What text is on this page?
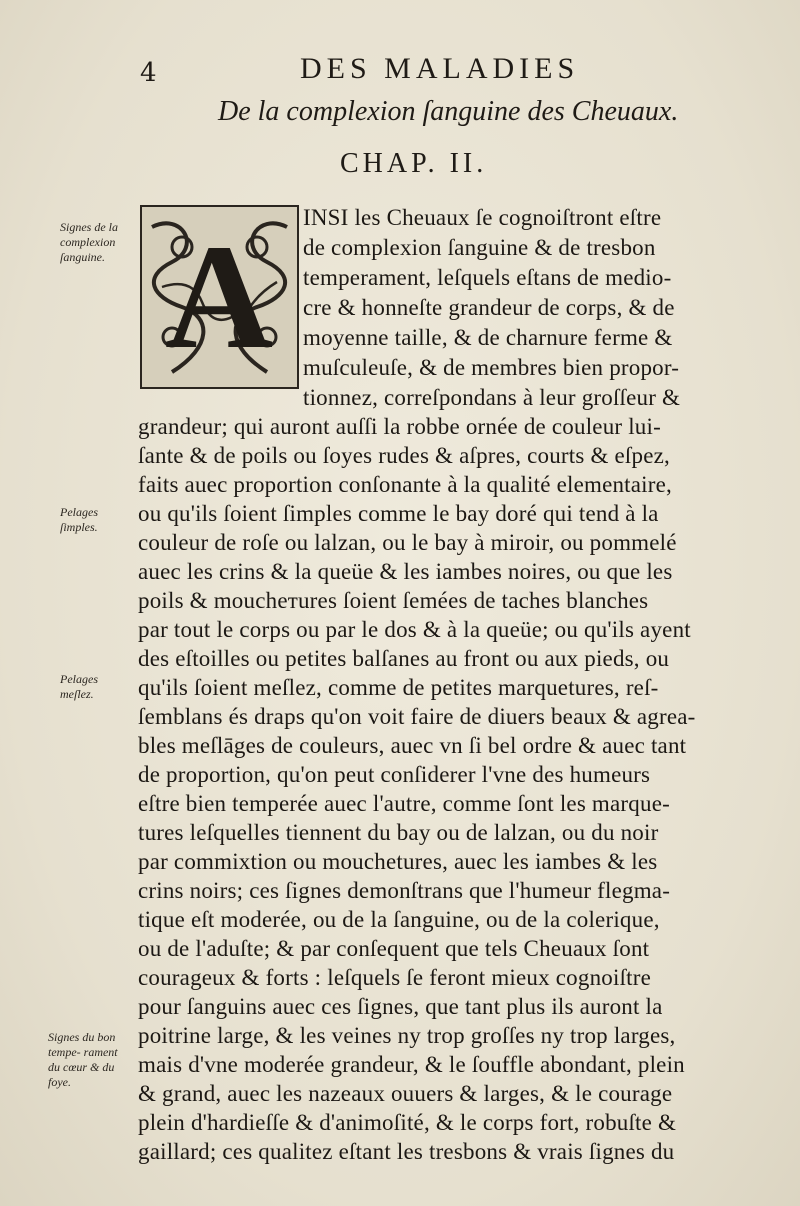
4	DES MALADIES
De la complexion ſanguine des Cheuaux.
CHAP. II.
A
Signes de la complexion ſanguine.
Pelages ſimples.
Pelages meſlez.
Signes du bon tempe- rament du cœur & du foye.
INSI les Cheuaux ſe cognoiſtront eſtre
de complexion ſanguine & de tresbon
temperament, leſquels eſtans de medio-
cre & honneſte grandeur de corps, & de
moyenne taille, & de charnure ferme &
muſculeuſe, & de membres bien propor-
tionnez, correſpondans à leur groſſeur &
grandeur; qui auront auſſi la robbe ornée de couleur lui-
ſante & de poils ou ſoyes rudes & aſpres, courts & eſpez,
faits auec proportion conſonante à la qualité elementaire,
ou qu'ils ſoient ſimples comme le bay doré qui tend à la
couleur de roſe ou lalzan, ou le bay à miroir, ou pommelé
auec les crins & la queüe & les iambes noires, ou que les
poils & moucheтures ſoient ſemées de taches blanches
par tout le corps ou par le dos & à la queüe; ou qu'ils ayent
des eſtoilles ou petites balſanes au front ou aux pieds, ou
qu'ils ſoient meſlez, comme de petites marquetures, reſ-
ſemblans és draps qu'on voit faire de diuers beaux & agrea-
bles meſlāges de couleurs, auec vn ſi bel ordre & auec tant
de proportion, qu'on peut conſiderer l'vne des humeurs
eſtre bien temperée auec l'autre, comme ſont les marque-
tures leſquelles tiennent du bay ou de lalzan, ou du noir
par commixtion ou mouchetures, auec les iambes & les
crins noirs; ces ſignes demonſtrans que l'humeur flegma-
tique eſt moderée, ou de la ſanguine, ou de la colerique,
ou de l'aduſte; & par conſequent que tels Cheuaux ſont
courageux & forts : leſquels ſe feront mieux cognoiſtre
pour ſanguins auec ces ſignes, que tant plus ils auront la
poitrine large, & les veines ny trop groſſes ny trop larges,
mais d'vne moderée grandeur, & le ſouffle abondant, plein
& grand, auec les nazeaux ouuers & larges, & le courage
plein d'hardieſſe & d'animoſité, & le corps fort, robuſte &
gaillard; ces qualitez eſtant les tresbons & vrais ſignes du
